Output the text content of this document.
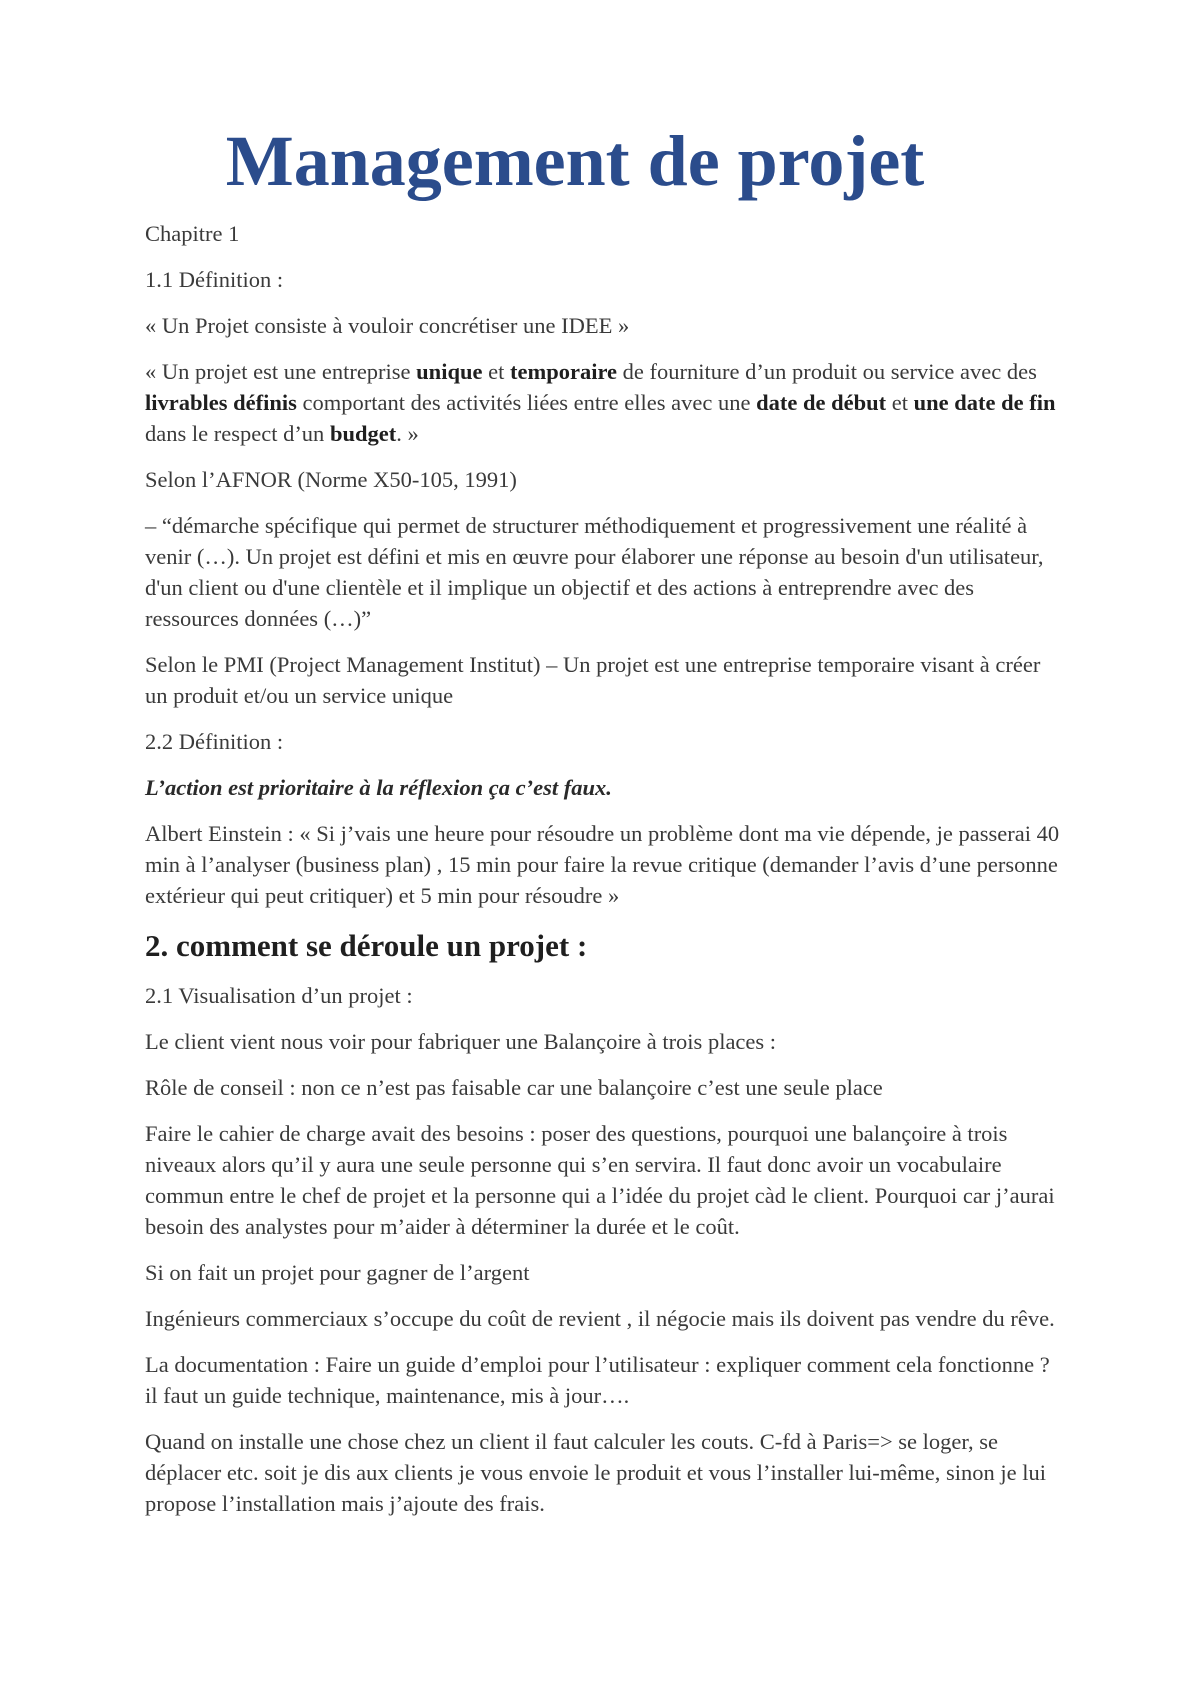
Management de projet

Chapitre 1

1.1 Définition :

« Un Projet consiste à vouloir concrétiser une IDEE »

« Un projet est une entreprise unique et temporaire de fourniture d’un produit ou service avec des livrables définis comportant des activités liées entre elles avec une date de début et une date de fin dans le respect d’un budget. »

Selon l’AFNOR (Norme X50-105, 1991)

– “démarche spécifique qui permet de structurer méthodiquement et progressivement une réalité à venir (…). Un projet est défini et mis en œuvre pour élaborer une réponse au besoin d'un utilisateur, d'un client ou d'une clientèle et il implique un objectif et des actions à entreprendre avec des ressources données (…)”

Selon le PMI (Project Management Institut) – Un projet est une entreprise temporaire visant à créer un produit et/ou un service unique

2.2 Définition :

L’action est prioritaire à la réflexion ça c’est faux.

Albert Einstein : « Si j’vais une heure pour résoudre un problème dont ma vie dépende, je passerai 40 min à l’analyser (business plan) , 15 min pour faire la revue critique (demander l’avis d’une personne extérieur qui peut critiquer) et 5 min pour résoudre »

2. comment se déroule un projet :

2.1 Visualisation d’un projet :

Le client vient nous voir pour fabriquer une Balançoire à trois places :

Rôle de conseil : non ce n’est pas faisable car une balançoire c’est une seule place

Faire le cahier de charge avait des besoins : poser des questions, pourquoi une balançoire à trois niveaux alors qu’il y aura une seule personne qui s’en servira. Il faut donc avoir un vocabulaire commun entre le chef de projet et la personne qui a l’idée du projet càd le client. Pourquoi car j’aurai besoin des analystes pour m’aider à déterminer la durée et le coût.

Si on fait un projet pour gagner de l’argent

Ingénieurs commerciaux s’occupe du coût de revient , il négocie mais ils doivent pas vendre du rêve.

La documentation : Faire un guide d’emploi pour l’utilisateur : expliquer comment cela fonctionne ? il faut un guide technique, maintenance, mis à jour….

Quand on installe une chose chez un client il faut calculer les couts. C-fd à Paris=> se loger, se déplacer etc. soit je dis aux clients je vous envoie le produit et vous l’installer lui-même, sinon je lui propose l’installation mais j’ajoute des frais.
